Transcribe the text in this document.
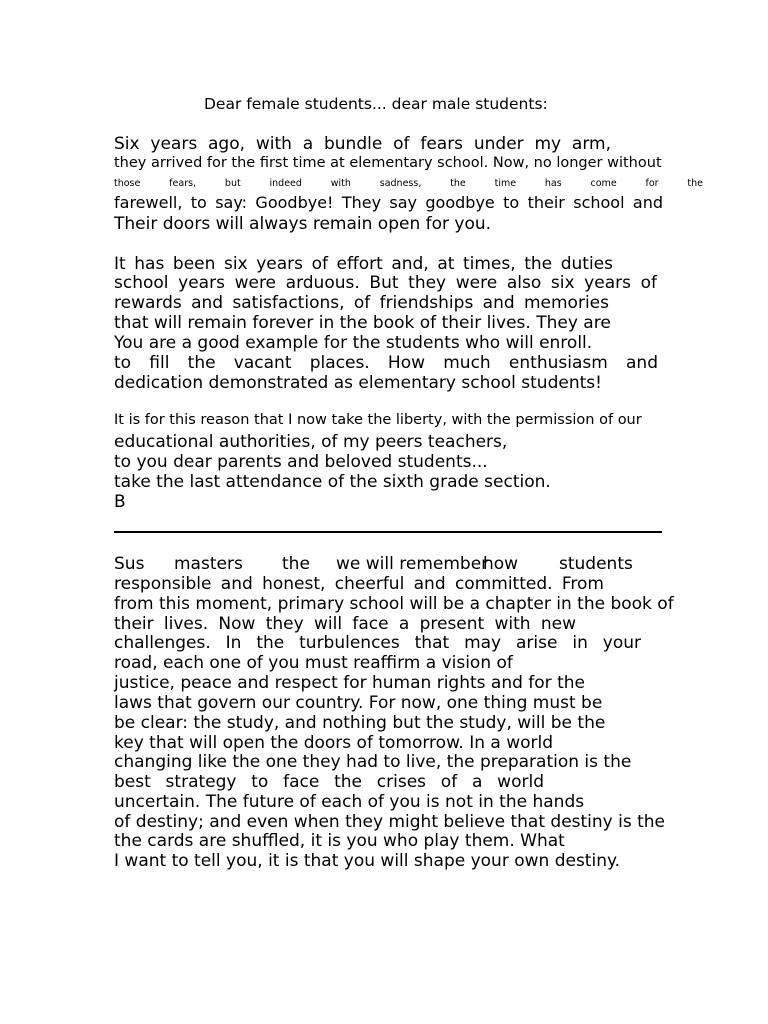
Dear female students... dear male students:
Six years ago, with a bundle of fears under my arm,
they arrived for the first time at elementary school. Now, no longer without
those fears, but indeed with sadness, the time has come for the
farewell, to say: Goodbye! They say goodbye to their school and
Their doors will always remain open for you.
It has been six years of effort and, at times, the duties
school years were arduous. But they were also six years of
rewards and satisfactions, of friendships and memories
that will remain forever in the book of their lives. They are
You are a good example for the students who will enroll.
to fill the vacant places. How much enthusiasm and
dedication demonstrated as elementary school students!
It is for this reason that I now take the liberty, with the permission of our
educational authorities, of my peers teachers,
to you dear parents and beloved students...
take the last attendance of the sixth grade section.
B
Sus masters the we will remember
how students
responsible and honest, cheerful and committed. From
from this moment, primary school will be a chapter in the book of
their lives. Now they will face a present with new
challenges. In the turbulences that may arise in your
road, each one of you must reaffirm a vision of
justice, peace and respect for human rights and for the
laws that govern our country. For now, one thing must be
be clear: the study, and nothing but the study, will be the
key that will open the doors of tomorrow. In a world
changing like the one they had to live, the preparation is the
best strategy to face the crises of a world
uncertain. The future of each of you is not in the hands
of destiny; and even when they might believe that destiny is the
the cards are shuffled, it is you who play them. What
I want to tell you, it is that you will shape your own destiny.
